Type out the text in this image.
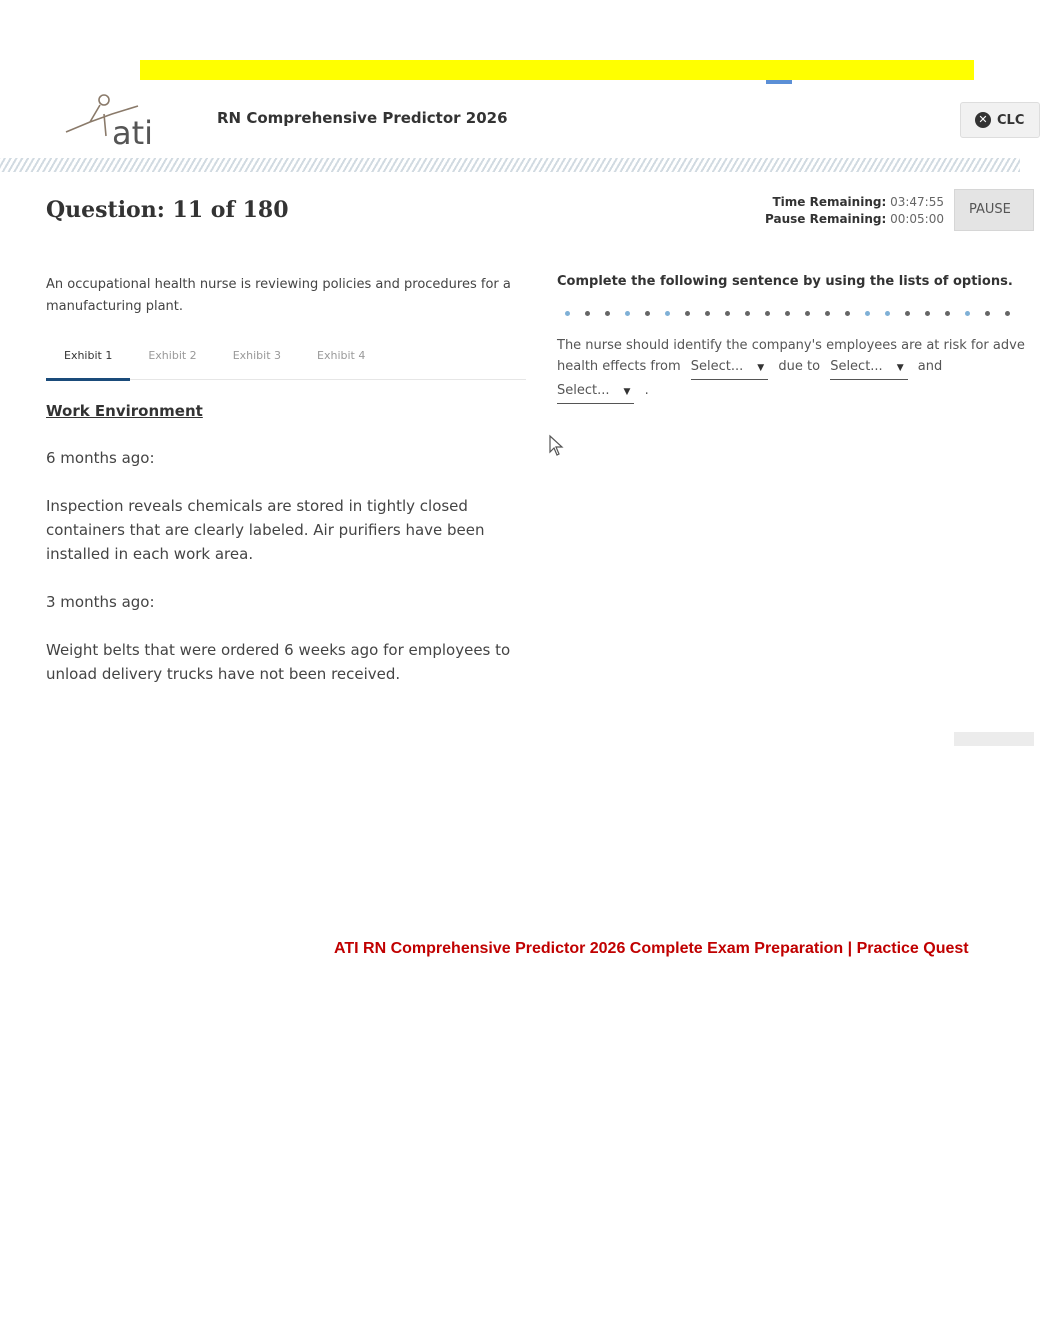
ati	RN Comprehensive Predictor 2026	✕ CLC
Question: 11 of 180	Time Remaining: 03:47:55
Pause Remaining: 00:05:00
PAUSE
An occupational health nurse is reviewing policies and procedures for a manufacturing plant.
Exhibit 1	Exhibit 2	Exhibit 3	Exhibit 4
Work Environment

6 months ago:

Inspection reveals chemicals are stored in tightly closed containers that are clearly labeled. Air purifiers have been installed in each work area.

3 months ago:

Weight belts that were ordered 6 weeks ago for employees to unload delivery trucks have not been received.

Complete the following sentence by using the lists of options.
The nurse should identify the company's employees are at risk for adve
health effects from Select... ▼ due to Select... ▼ and
Select... ▼ .
ATI RN Comprehensive Predictor 2026 Complete Exam Preparation | Practice Quest
